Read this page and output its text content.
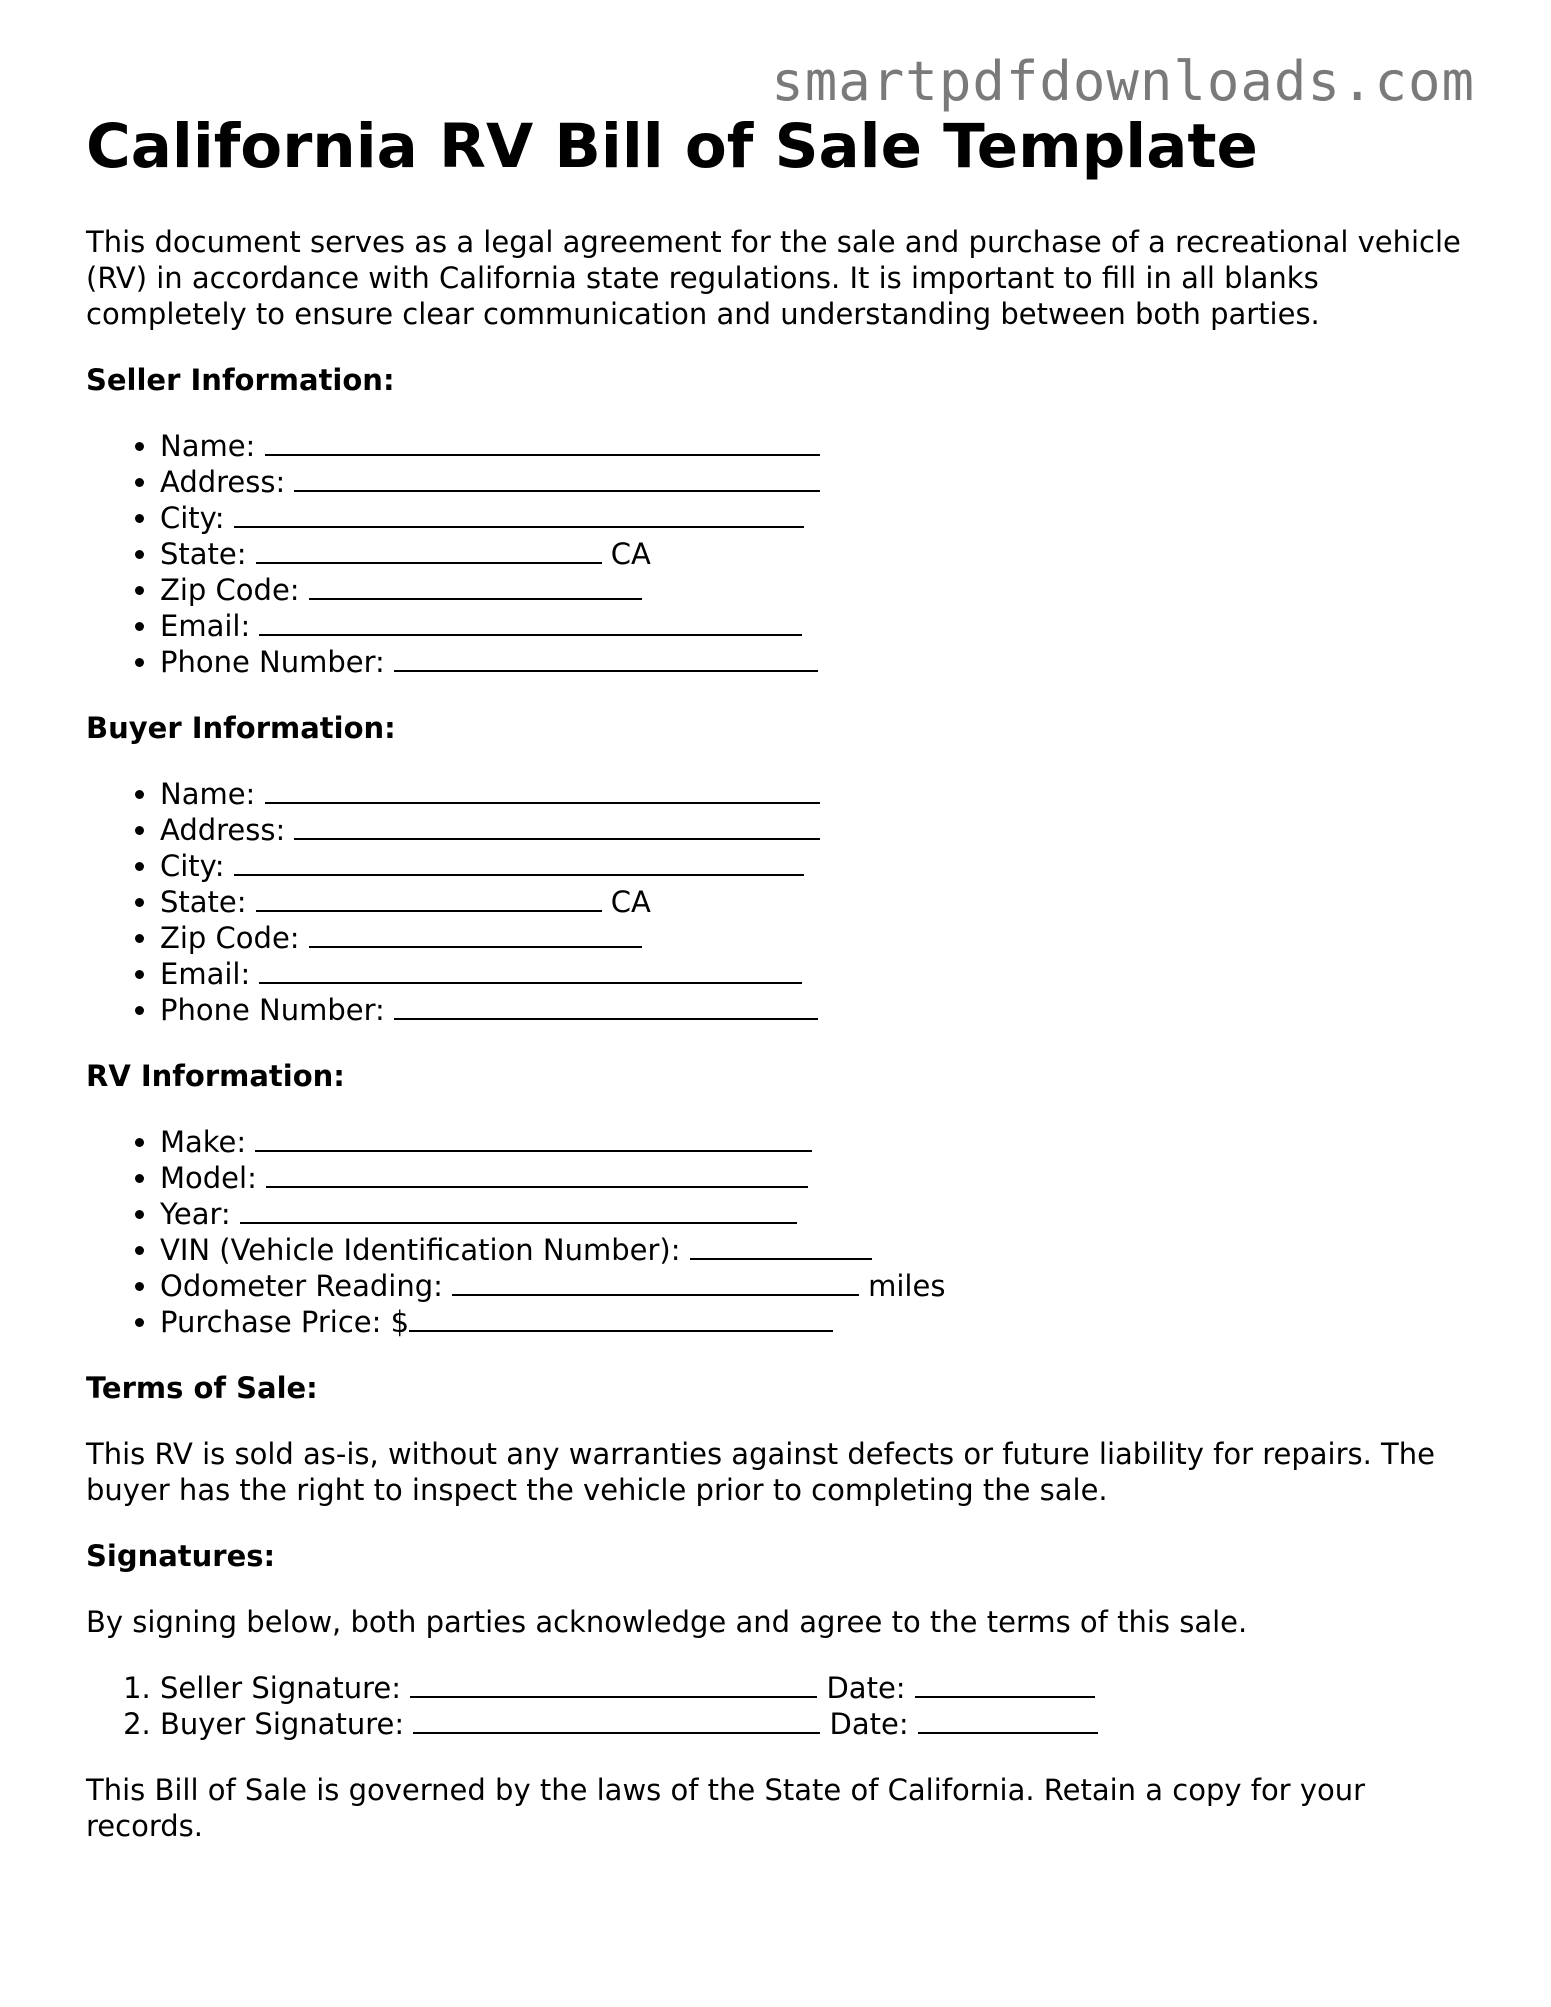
smartpdfdownloads.com
California RV Bill of Sale Template

This document serves as a legal agreement for the sale and purchase of a recreational vehicle (RV) in accordance with California state regulations. It is important to fill in all blanks completely to ensure clear communication and understanding between both parties.

Seller Information:
• Name:
• Address:
• City:
• State:	CA
• Zip Code:
• Email:
• Phone Number:
Buyer Information:
• Name:
• Address:
• City:
• State:	CA
• Zip Code:
• Email:
• Phone Number:
RV Information:
• Make:
• Model:
• Year:
• VIN (Vehicle Identification Number):
• Odometer Reading:	miles
• Purchase Price: $
Terms of Sale:

This RV is sold as-is, without any warranties against defects or future liability for repairs. The buyer has the right to inspect the vehicle prior to completing the sale.

Signatures:

By signing below, both parties acknowledge and agree to the terms of this sale.

1. Seller Signature:	Date:
2. Buyer Signature:	Date:

This Bill of Sale is governed by the laws of the State of California. Retain a copy for your records.
